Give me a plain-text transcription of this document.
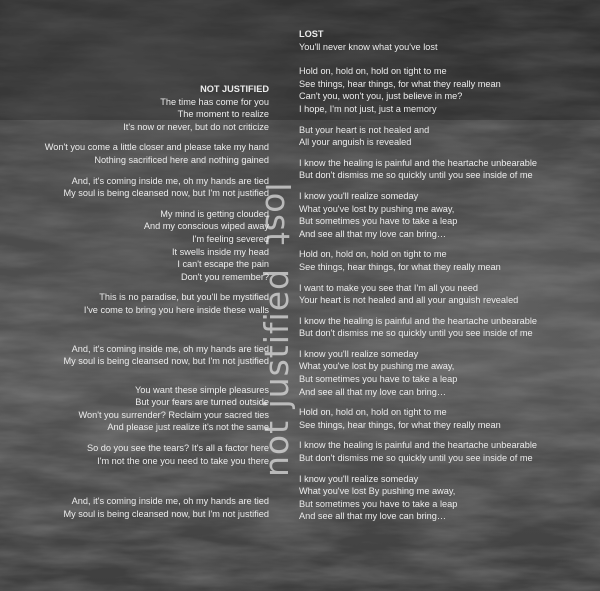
not justifiedlost
NOT JUSTIFIED
The time has come for you
The moment to realize
It's now or never, but do not criticize
Won't you come a little closer and please take my hand
Nothing sacrificed here and nothing gained
And, it's coming inside me, oh my hands are tied
My soul is being cleansed now, but I'm not justified
My mind is getting clouded
And my conscious wiped away
I'm feeling severed
It swells inside my head
I can't escape the pain
Don't you remember?
This is no paradise, but you'll be mystified
I've come to bring you here inside these walls
And, it's coming inside me, oh my hands are tied
My soul is being cleansed now, but I'm not justified
You want these simple pleasures
But your fears are turned outside
Won't you surrender? Reclaim your sacred ties
And please just realize it's not the same
So do you see the tears? It's all a factor here
I'm not the one you need to take you there
And, it's coming inside me, oh my hands are tied
My soul is being cleansed now, but I'm not justified
LOST
You'll never know what you've lost
Hold on, hold on, hold on tight to me
See things, hear things, for what they really mean
Can't you, won't you, just believe in me?
I hope, I'm not just, just a memory
But your heart is not healed and
All your anguish is revealed
I know the healing is painful and the heartache unbearable
But don't dismiss me so quickly until you see inside of me
I know you'll realize someday
What you've lost by pushing me away,
But sometimes you have to take a leap
And see all that my love can bring…
Hold on, hold on, hold on tight to me
See things, hear things, for what they really mean
I want to make you see that I'm all you need
Your heart is not healed and all your anguish revealed
I know the healing is painful and the heartache unbearable
But don't dismiss me so quickly until you see inside of me
I know you'll realize someday
What you've lost by pushing me away,
But sometimes you have to take a leap
And see all that my love can bring…
Hold on, hold on, hold on tight to me
See things, hear things, for what they really mean
I know the healing is painful and the heartache unbearable
But don't dismiss me so quickly until you see inside of me
I know you'll realize someday
What you've lost By pushing me away,
But sometimes you have to take a leap
And see all that my love can bring…
